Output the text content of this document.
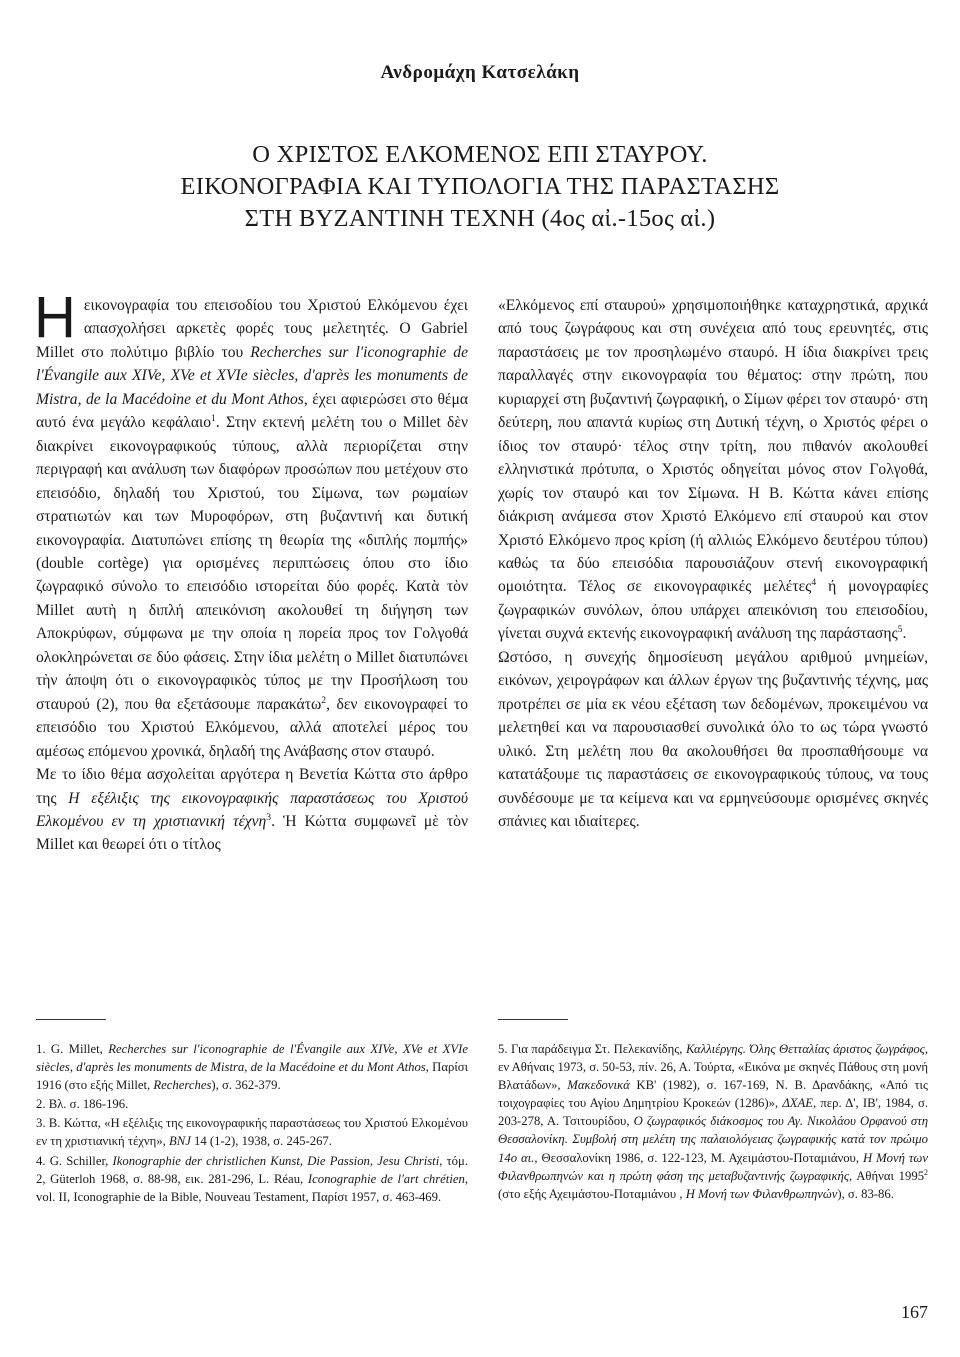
Ανδρομάχη Κατσελάκη
Ο ΧΡΙΣΤΟΣ ΕΛΚΟΜΕΝΟΣ ΕΠΙ ΣΤΑΥΡΟΥ.
ΕΙΚΟΝΟΓΡΑΦΙΑ ΚΑΙ ΤΥΠΟΛΟΓΙΑ ΤΗΣ ΠΑΡΑΣΤΑΣΗΣ
ΣΤΗ ΒΥΖΑΝΤΙΝΗ ΤΕΧΝΗ (4ος αἰ.-15ος αἰ.)

Η εικονογραφία του επεισοδίου του Χριστού Ελκόμενου έχει απασχολήσει αρκετὲς φορές τους μελετητές. Ο Gabriel Millet στο πολύτιμο βιβλίο του Recherches sur l'iconographie de l'Évangile aux XIVe, XVe et XVIe siècles, d'après les monuments de Mistra, de la Macédoine et du Mont Athos, έχει αφιερώσει στο θέμα αυτό ένα μεγάλο κεφάλαιο$^1$. Στην εκτενή μελέτη του ο Millet δὲν διακρίνει εικονογραφικούς τύπους, αλλὰ περιορίζεται στην περιγραφή και ανάλυση των διαφόρων προσώπων που μετέχουν στο επεισόδιο, δηλαδή του Χριστού, του Σίμωνα, των ρωμαίων στρατιωτών και των Μυροφόρων, στη βυζαντινή και δυτική εικονογραφία. Διατυπώνει επίσης τη θεωρία της «διπλής πομπής» (double cortège) για ορισμένες περιπτώσεις όπου στο ίδιο ζωγραφικό σύνολο το επεισόδιο ιστορείται δύο φορές. Κατὰ τὸν Millet αυτὴ η διπλή απεικόνιση ακολουθεί τη διήγηση των Αποκρύφων, σύμφωνα με την οποία η πορεία προς τον Γολγοθά ολοκληρώνεται σε δύο φάσεις. Στην ίδια μελέτη ο Millet διατυπώνει τὴν άποψη ότι ο εικονογραφικὸς τύπος με την Προσήλωση του σταυρού (2), που θα εξετάσουμε παρακάτω$^2$, δεν εικονογραφεί το επεισόδιο του Χριστού Ελκόμενου, αλλά αποτελεί μέρος του αμέσως επόμενου χρονικά, δηλαδή της Ανάβασης στον σταυρό.

Με το ίδιο θέμα ασχολείται αργότερα η Βενετία Κώττα στο άρθρο της Η εξέλιξις της εικονογραφικής παραστάσεως του Χριστού Ελκομένου εν τη χριστιανική τέχνη$^3$. Ἡ Κώττα συμφωνεῖ μὲ τὸν Millet και θεωρεί ότι ο τίτλος

«Ελκόμενος επί σταυρού» χρησιμοποιήθηκε καταχρηστικά, αρχικά από τους ζωγράφους και στη συνέχεια από τους ερευνητές, στις παραστάσεις με τον προσηλωμένο σταυρό. Η ίδια διακρίνει τρεις παραλλαγές στην εικονογραφία του θέματος: στην πρώτη, που κυριαρχεί στη βυζαντινή ζωγραφική, ο Σίμων φέρει τον σταυρό· στη δεύτερη, που απαντά κυρίως στη Δυτική τέχνη, ο Χριστός φέρει ο ίδιος τον σταυρό· τέλος στην τρίτη, που πιθανόν ακολουθεί ελληνιστικά πρότυπα, ο Χριστός οδηγείται μόνος στον Γολγοθά, χωρίς τον σταυρό και τον Σίμωνα. Η Β. Κώττα κάνει επίσης διάκριση ανάμεσα στον Χριστό Ελκόμενο επί σταυρού και στον Χριστό Ελκόμενο προς κρίση (ή αλλιώς Ελκόμενο δευτέρου τύπου) καθώς τα δύο επεισόδια παρουσιάζουν στενή εικονογραφική ομοιότητα. Τέλος σε εικονογραφικές μελέτες$^4$ ή μονογραφίες ζωγραφικών συνόλων, όπου υπάρχει απεικόνιση του επεισοδίου, γίνεται συχνά εκτενής εικονογραφική ανάλυση της παράστασης$^5$.

Ωστόσο, η συνεχής δημοσίευση μεγάλου αριθμού μνημείων, εικόνων, χειρογράφων και άλλων έργων της βυζαντινής τέχνης, μας προτρέπει σε μία εκ νέου εξέταση των δεδομένων, προκειμένου να μελετηθεί και να παρουσιασθεί συνολικά όλο το ως τώρα γνωστό υλικό. Στη μελέτη που θα ακολουθήσει θα προσπαθήσουμε να κατατάξουμε τις παραστάσεις σε εικονογραφικούς τύπους, να τους συνδέσουμε με τα κείμενα και να ερμηνεύσουμε ορισμένες σκηνές σπάνιες και ιδιαίτερες.

1. G. Millet, Recherches sur l'iconographie de l'Évangile aux XIVe, XVe et XVIe siècles, d'après les monuments de Mistra, de la Macédoine et du Mont Athos, Παρίσι 1916 (στο εξής Millet, Recherches), σ. 362-379.

2. Βλ. σ. 186-196.

3. Β. Κώττα, «Η εξέλιξις της εικονογραφικής παραστάσεως του Χριστού Ελκομένου εν τη χριστιανική τέχνη», BNJ 14 (1-2), 1938, σ. 245-267.

4. G. Schiller, Ikonographie der christlichen Kunst, Die Passion, Jesu Christi, τόμ. 2, Güterloh 1968, σ. 88-98, εικ. 281-296, L. Réau, Iconographie de l'art chrétien, vol. II, Iconographie de la Bible, Nouveau Testament, Παρίσι 1957, σ. 463-469.

5. Για παράδειγμα Στ. Πελεκανίδης, Καλλιέργης. Όλης Θετταλίας άριστος ζωγράφος, εν Αθήναις 1973, σ. 50-53, πίν. 26, Α. Τούρτα, «Εικόνα με σκηνές Πάθους στη μονή Βλατάδων», Μακεδονικά ΚΒ' (1982), σ. 167-169, Ν. Β. Δρανδάκης, «Από τις τοιχογραφίες του Αγίου Δημητρίου Κροκεών (1286)», ΔΧΑΕ, περ. Δ', ΙΒ', 1984, σ. 203-278, Α. Τσιτουρίδου, Ο ζωγραφικός διάκοσμος του Αγ. Νικολάου Ορφανού στη Θεσσαλονίκη. Συμβολή στη μελέτη της παλαιολόγειας ζωγραφικής κατά τον πρώιμο 14ο αι., Θεσσαλονίκη 1986, σ. 122-123, Μ. Αχειμάστου-Ποταμιάνου, Η Μονή των Φιλανθρωπηνών και η πρώτη φάση της μεταβυζαντινής ζωγραφικής, Αθήναι 1995$^2$ (στο εξής Αχειμάστου-Ποταμιάνου , Η Μονή των Φιλανθρωπηνών), σ. 83-86.

167
